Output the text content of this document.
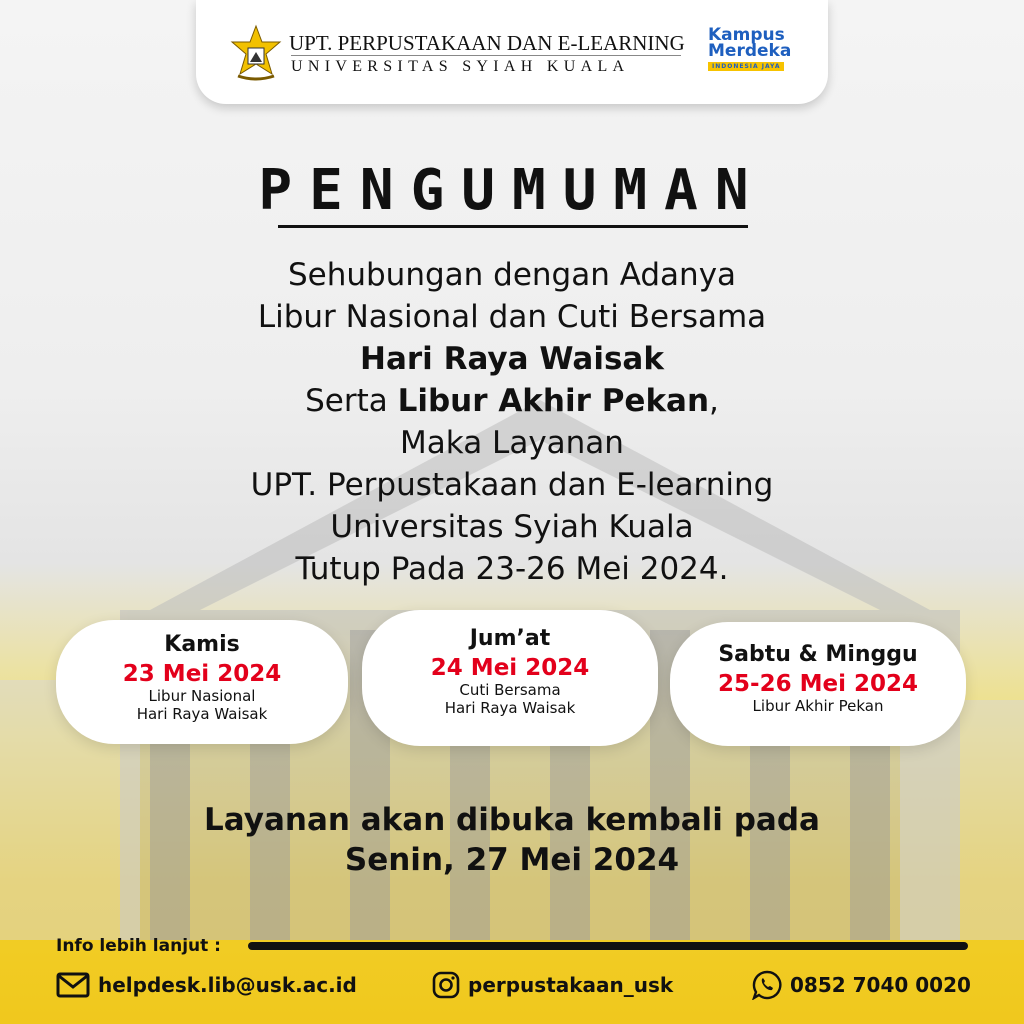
UPT. PERPUSTAKAAN DAN E-LEARNING
UNIVERSITAS SYIAH KUALA
Kampus
Merdeka
INDONESIA JAYA
PENGUMUMAN
Sehubungan dengan Adanya
Libur Nasional dan Cuti Bersama
Hari Raya Waisak
Serta Libur Akhir Pekan,
Maka Layanan
UPT. Perpustakaan dan E-learning
Universitas Syiah Kuala
Tutup Pada 23-26 Mei 2024.
Kamis
23 Mei 2024
Libur Nasional
Hari Raya Waisak
Jum’at
24 Mei 2024
Cuti Bersama
Hari Raya Waisak
Sabtu & Minggu
25-26 Mei 2024
Libur Akhir Pekan
Layanan akan dibuka kembali pada
Senin, 27 Mei 2024
Info lebih lanjut :
helpdesk.lib@usk.ac.id	perpustakaan_usk	0852 7040 0020
